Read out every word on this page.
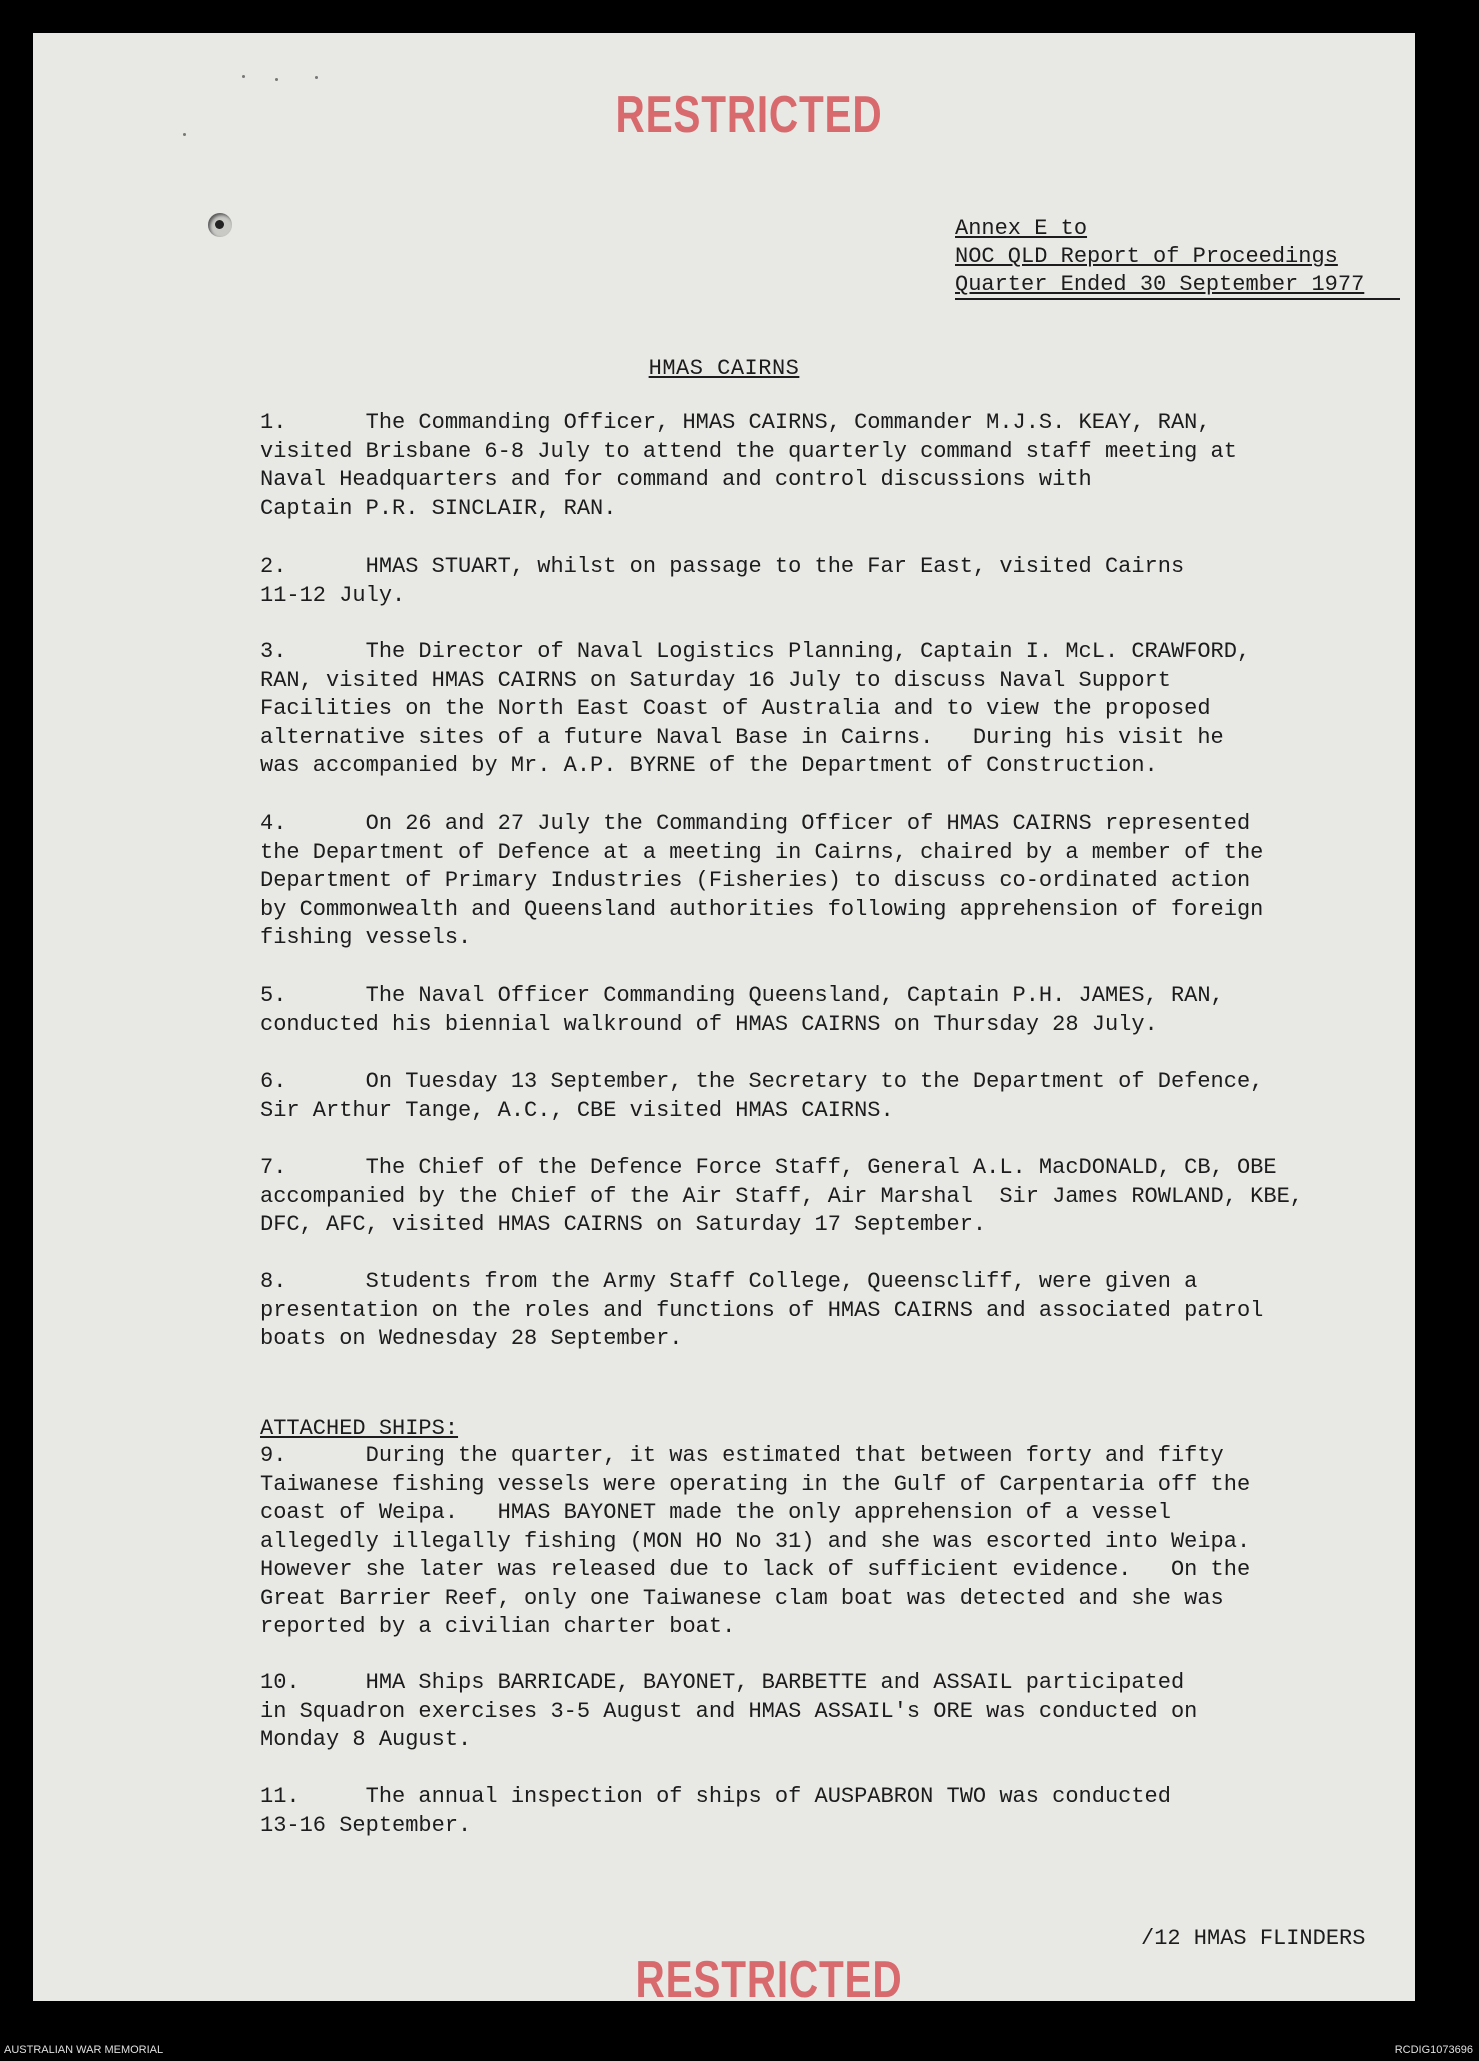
RESTRICTED
Annex E to
NOC QLD Report of Proceedings
Quarter Ended 30 September 1977
HMAS CAIRNS
1.      The Commanding Officer, HMAS CAIRNS, Commander M.J.S. KEAY, RAN,
visited Brisbane 6-8 July to attend the quarterly command staff meeting at
Naval Headquarters and for command and control discussions with
Captain P.R. SINCLAIR, RAN.
2.      HMAS STUART, whilst on passage to the Far East, visited Cairns
11-12 July.
3.      The Director of Naval Logistics Planning, Captain I. McL. CRAWFORD,
RAN, visited HMAS CAIRNS on Saturday 16 July to discuss Naval Support
Facilities on the North East Coast of Australia and to view the proposed
alternative sites of a future Naval Base in Cairns.   During his visit he
was accompanied by Mr. A.P. BYRNE of the Department of Construction.
4.      On 26 and 27 July the Commanding Officer of HMAS CAIRNS represented
the Department of Defence at a meeting in Cairns, chaired by a member of the
Department of Primary Industries (Fisheries) to discuss co-ordinated action
by Commonwealth and Queensland authorities following apprehension of foreign
fishing vessels.
5.      The Naval Officer Commanding Queensland, Captain P.H. JAMES, RAN,
conducted his biennial walkround of HMAS CAIRNS on Thursday 28 July.
6.      On Tuesday 13 September, the Secretary to the Department of Defence,
Sir Arthur Tange, A.C., CBE visited HMAS CAIRNS.
7.      The Chief of the Defence Force Staff, General A.L. MacDONALD, CB, OBE
accompanied by the Chief of the Air Staff, Air Marshal  Sir James ROWLAND, KBE,
DFC, AFC, visited HMAS CAIRNS on Saturday 17 September.
8.      Students from the Army Staff College, Queenscliff, were given a
presentation on the roles and functions of HMAS CAIRNS and associated patrol
boats on Wednesday 28 September.
ATTACHED SHIPS:
9.      During the quarter, it was estimated that between forty and fifty
Taiwanese fishing vessels were operating in the Gulf of Carpentaria off the
coast of Weipa.   HMAS BAYONET made the only apprehension of a vessel
allegedly illegally fishing (MON HO No 31) and she was escorted into Weipa.
However she later was released due to lack of sufficient evidence.   On the
Great Barrier Reef, only one Taiwanese clam boat was detected and she was
reported by a civilian charter boat.
10.     HMA Ships BARRICADE, BAYONET, BARBETTE and ASSAIL participated
in Squadron exercises 3-5 August and HMAS ASSAIL's ORE was conducted on
Monday 8 August.
11.     The annual inspection of ships of AUSPABRON TWO was conducted
13-16 September.
/12 HMAS FLINDERS
RESTRICTED
AUSTRALIAN WAR MEMORIAL	RCDIG1073696
